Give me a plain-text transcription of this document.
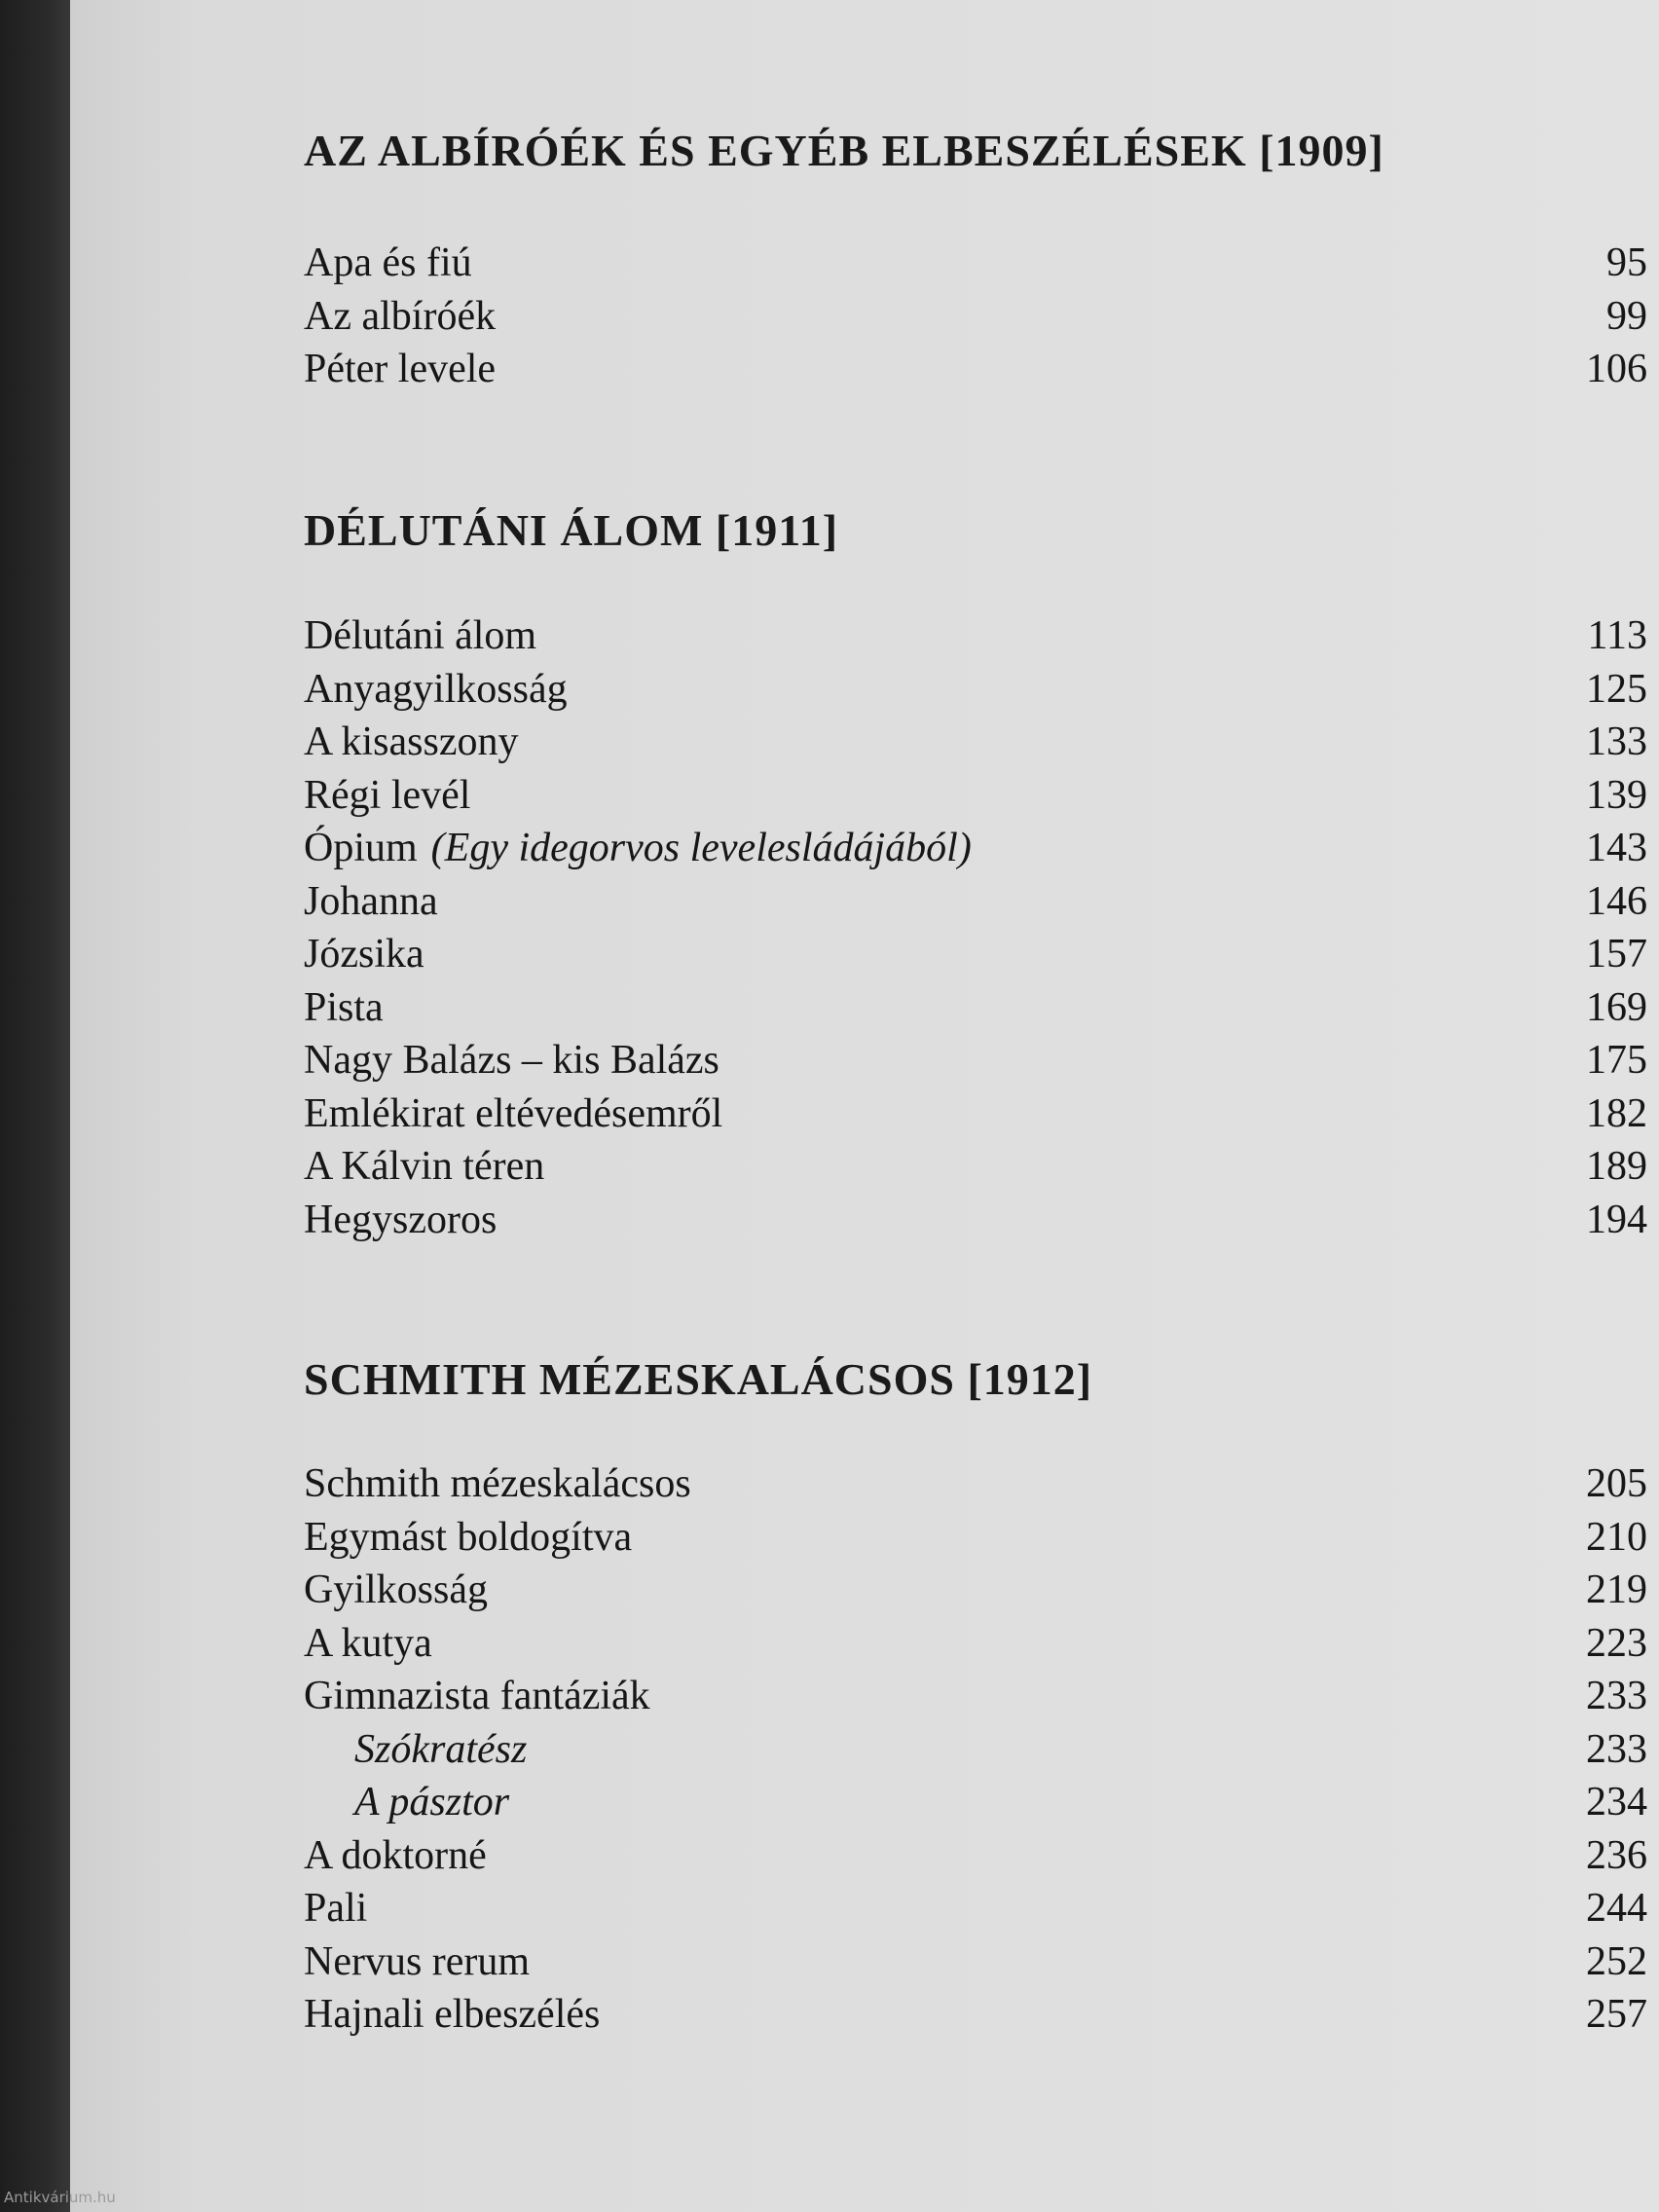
AZ ALBÍRÓÉK ÉS EGYÉB ELBESZÉLÉSEK [1909]
Apa és fiú	95
Az albíróék	99
Péter levele	106
DÉLUTÁNI ÁLOM [1911]
Délutáni álom	113
Anyagyilkosság	125
A kisasszony	133
Régi levél	139
Ópium (Egy idegorvos levelesládájából)	143
Johanna	146
Józsika	157
Pista	169
Nagy Balázs – kis Balázs	175
Emlékirat eltévedésemről	182
A Kálvin téren	189
Hegyszoros	194
SCHMITH MÉZESKALÁCSOS [1912]
Schmith mézeskalácsos	205
Egymást boldogítva	210
Gyilkosság	219
A kutya	223
Gimnazista fantáziák	233
Szókratész	233
A pásztor	234
A doktorné	236
Pali	244
Nervus rerum	252
Hajnali elbeszélés	257
Antikvárium.hu
